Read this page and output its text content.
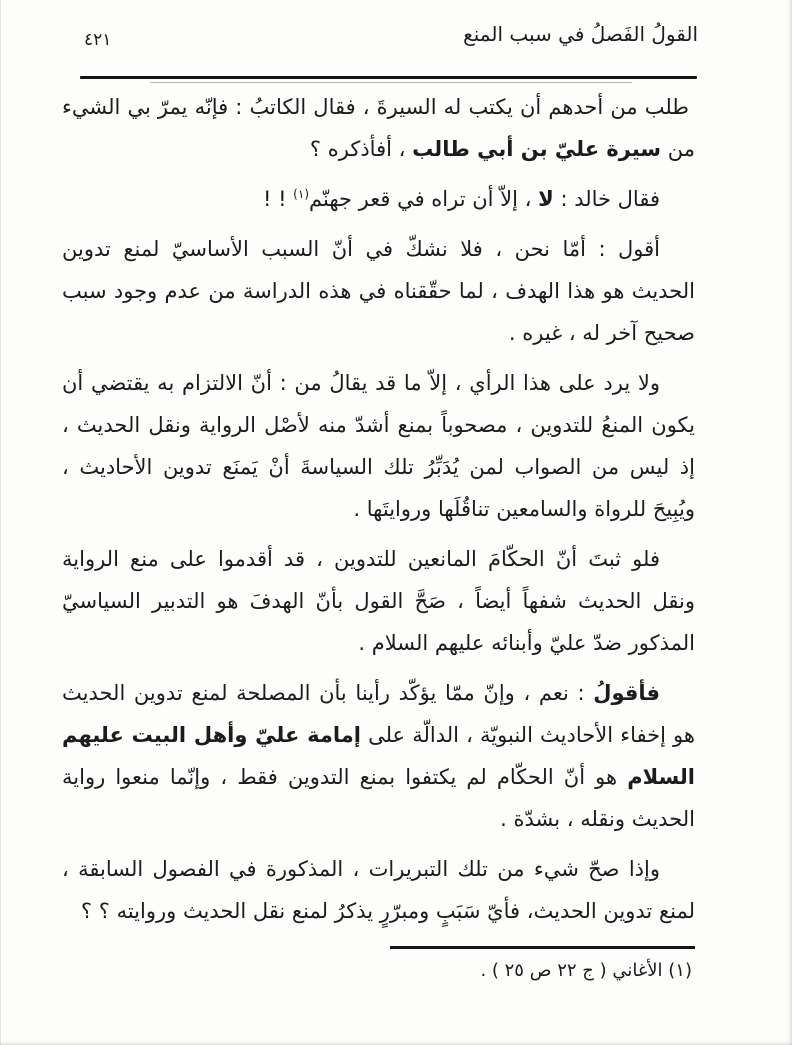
٤٢١	القولُ الفَصلُ في سبب المنع

طلب من أحدهم أن يكتب له السيرةَ ، فقال الكاتبُ : فإنّه يمرّ بي الشيء من سيرة عليّ بن أبي طالب ، أفأذكره ؟

فقال خالد : لا ، إلاّ أن تراه في قعر جهنّم$^{(١)}$ ! !

أقول : أمّا نحن ، فلا نشكّ في أنّ السبب الأساسيّ لمنع تدوين الحديث هو هذا الهدف ، لما حقّقناه في هذه الدراسة من عدم وجود سبب صحيح آخر له ، غيره .

ولا يرد على هذا الرأي ، إلاّ ما قد يقالُ من : أنّ الالتزام به يقتضي أن يكون المنعُ للتدوين ، مصحوباً بمنع أشدّ منه لأصْل الرواية ونقل الحديث ، إذ ليس من الصواب لمن يُدَبِّرُ تلك السياسةَ أنْ يَمنَع تدوين الأحاديث ، ويُبِيحَ للرواة والسامعين تناقُلَها وروايتَها .

فلو ثبتَ أنّ الحكّامَ المانعين للتدوين ، قد أقدموا على منع الرواية ونقل الحديث شفهاً أيضاً ، صَحَّ القول بأنّ الهدفَ هو التدبير السياسيّ المذكور ضدّ عليّ وأبنائه عليهم السلام .

فأقولُ : نعم ، وإنّ ممّا يؤكّد رأينا بأن المصلحة لمنع تدوين الحديث هو إخفاء الأحاديث النبويّة ، الدالّة على إمامة عليّ وأهل البيت عليهم السلام هو أنّ الحكّام لم يكتفوا بمنع التدوين فقط ، وإنّما منعوا رواية الحديث ونقله ، بشدّة .

وإذا صحّ شيء من تلك التبريرات ، المذكورة في الفصول السابقة ، لمنع تدوين الحديث، فأيّ سَبَبٍ ومبرّرٍ يذكرُ لمنع نقل الحديث وروايته ؟ ؟

(١) الأغاني ( ج ٢٢ ص ٢٥ ) .
